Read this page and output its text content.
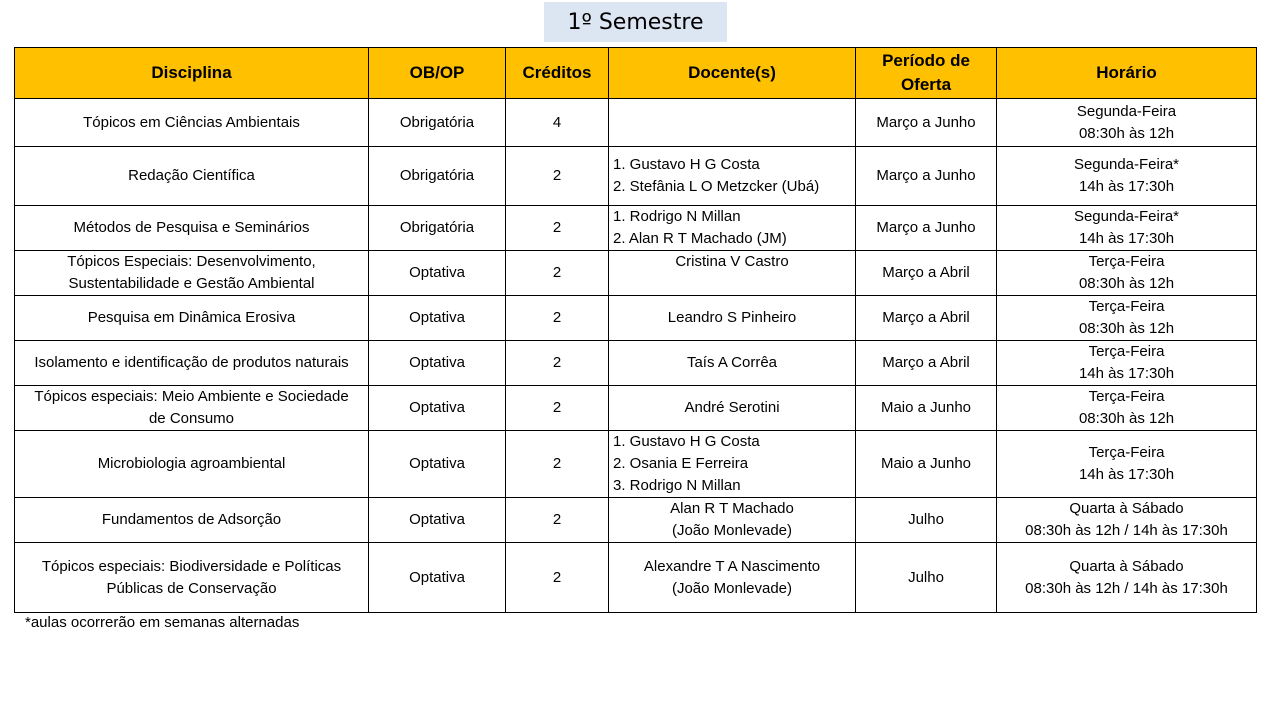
1º Semestre
Disciplina	OB/OP	Créditos	Docente(s)	Período de
Oferta	Horário

Tópicos em Ciências Ambientais	Obrigatória	4		Março a Junho	Segunda-Feira
08:30h às 12h

Redação Científica	Obrigatória	2	1. Gustavo H G Costa
2. Stefânia L O Metzcker (Ubá)	Março a Junho	Segunda-Feira*
14h às 17:30h

Métodos de Pesquisa e Seminários	Obrigatória	2	1. Rodrigo N Millan
2. Alan R T Machado (JM)	Março a Junho	Segunda-Feira*
14h às 17:30h

Tópicos Especiais: Desenvolvimento,
Sustentabilidade e Gestão Ambiental	Optativa	2	Cristina V Castro	Março a Abril	Terça-Feira
08:30h às 12h

Pesquisa em Dinâmica Erosiva	Optativa	2	Leandro S Pinheiro	Março a Abril	Terça-Feira
08:30h às 12h

Isolamento e identificação de produtos naturais	Optativa	2	Taís A Corrêa	Março a Abril	Terça-Feira
14h às 17:30h

Tópicos especiais: Meio Ambiente e Sociedade
de Consumo	Optativa	2	André Serotini	Maio a Junho	Terça-Feira
08:30h às 12h

Microbiologia agroambiental	Optativa	2	1. Gustavo H G Costa
2. Osania E Ferreira
3. Rodrigo N Millan	Maio a Junho	Terça-Feira
14h às 17:30h

Fundamentos de Adsorção	Optativa	2	Alan R T Machado
(João Monlevade)	Julho	Quarta à Sábado
08:30h às 12h / 14h às 17:30h

Tópicos especiais: Biodiversidade e Políticas
Públicas de Conservação	Optativa	2	Alexandre T A Nascimento
(João Monlevade)	Julho	Quarta à Sábado
08:30h às 12h / 14h às 17:30h
*aulas ocorrerão em semanas alternadas
